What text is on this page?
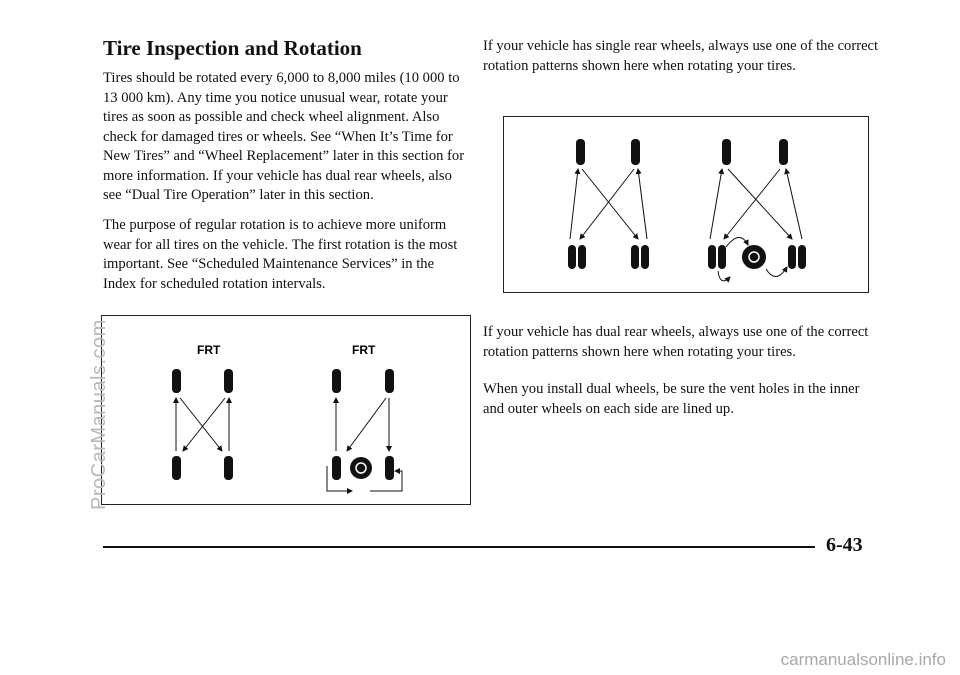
Tire Inspection and Rotation

Tires should be rotated every 6,000 to 8,000 miles (10 000 to 13 000 km). Any time you notice unusual wear, rotate your tires as soon as possible and check wheel alignment. Also check for damaged tires or wheels. See “When It’s Time for New Tires” and “Wheel Replacement” later in this section for more information. If your vehicle has dual rear wheels, also see “Dual Tire Operation” later in this section.

The purpose of regular rotation is to achieve more uniform wear for all tires on the vehicle. The first rotation is the most important. See “Scheduled Maintenance Services” in the Index for scheduled rotation intervals.

FRT	FRT

If your vehicle has single rear wheels, always use one of the correct rotation patterns shown here when rotating your tires.

If your vehicle has dual rear wheels, always use one of the correct rotation patterns shown here when rotating your tires.

When you install dual wheels, be sure the vent holes in the inner and outer wheels on each side are lined up.

6-43
ProCarManuals.com
carmanualsonline.info
